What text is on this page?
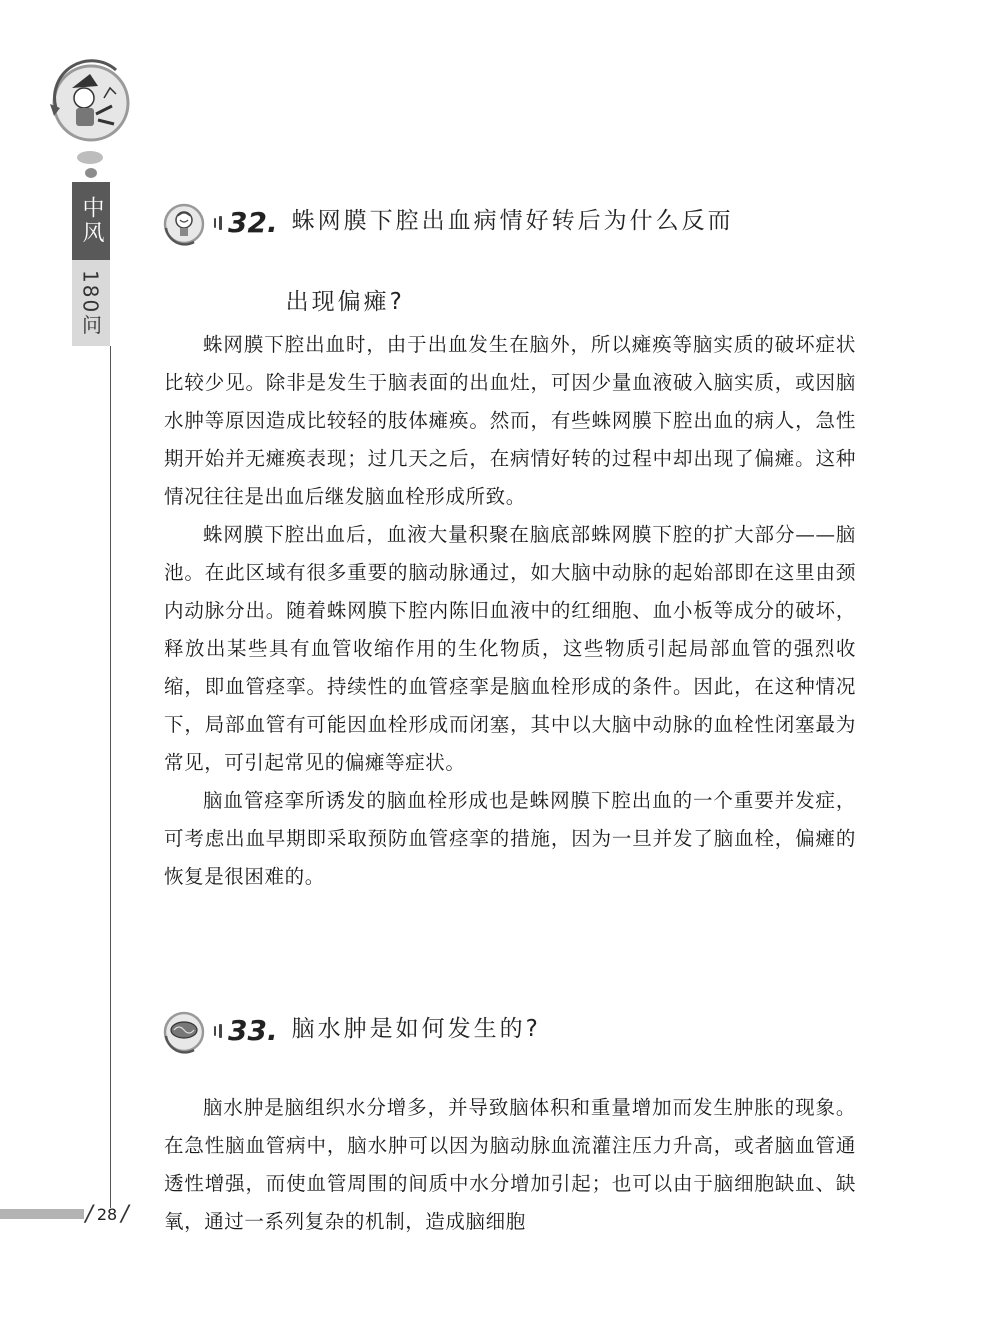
中风
180问
/ 28 /
32. 蛛网膜下腔出血病情好转后为什么反而
出现偏瘫?

蛛网膜下腔出血时，由于出血发生在脑外，所以瘫痪等脑实质的破坏症状比较少见。除非是发生于脑表面的出血灶，可因少量血液破入脑实质，或因脑水肿等原因造成比较轻的肢体瘫痪。然而，有些蛛网膜下腔出血的病人，急性期开始并无瘫痪表现；过几天之后，在病情好转的过程中却出现了偏瘫。这种情况往往是出血后继发脑血栓形成所致。

蛛网膜下腔出血后，血液大量积聚在脑底部蛛网膜下腔的扩大部分——脑池。在此区域有很多重要的脑动脉通过，如大脑中动脉的起始部即在这里由颈内动脉分出。随着蛛网膜下腔内陈旧血液中的红细胞、血小板等成分的破坏，释放出某些具有血管收缩作用的生化物质，这些物质引起局部血管的强烈收缩，即血管痉挛。持续性的血管痉挛是脑血栓形成的条件。因此，在这种情况下，局部血管有可能因血栓形成而闭塞，其中以大脑中动脉的血栓性闭塞最为常见，可引起常见的偏瘫等症状。

脑血管痉挛所诱发的脑血栓形成也是蛛网膜下腔出血的一个重要并发症，可考虑出血早期即采取预防血管痉挛的措施，因为一旦并发了脑血栓，偏瘫的恢复是很困难的。

33. 脑水肿是如何发生的?

脑水肿是脑组织水分增多，并导致脑体积和重量增加而发生肿胀的现象。在急性脑血管病中，脑水肿可以因为脑动脉血流灌注压力升高，或者脑血管通透性增强，而使血管周围的间质中水分增加引起；也可以由于脑细胞缺血、缺氧，通过一系列复杂的机制，造成脑细胞
